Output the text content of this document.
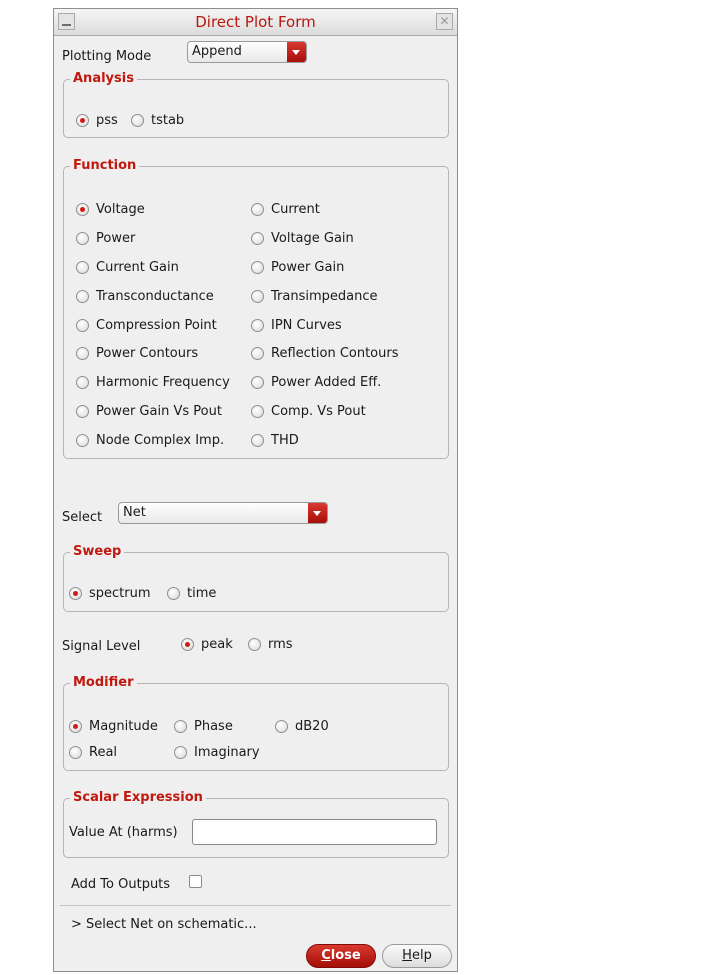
Direct Plot Form	✕
Plotting Mode	Append
Analysis
pss	tstab
Function
Voltage	Current
Power	Voltage Gain
Current Gain	Power Gain
Transconductance	Transimpedance
Compression Point	IPN Curves
Power Contours	Reflection Contours
Harmonic Frequency	Power Added Eff.
Power Gain Vs Pout	Comp. Vs Pout
Node Complex Imp.	THD
Select Net
Sweep
spectrum	time
Signal Level	peak	rms
Modifier
Magnitude	Phase	dB20
Real	Imaginary
Scalar Expression
Value At (harms)
Add To Outputs
> Select Net on schematic...
Close	Help
